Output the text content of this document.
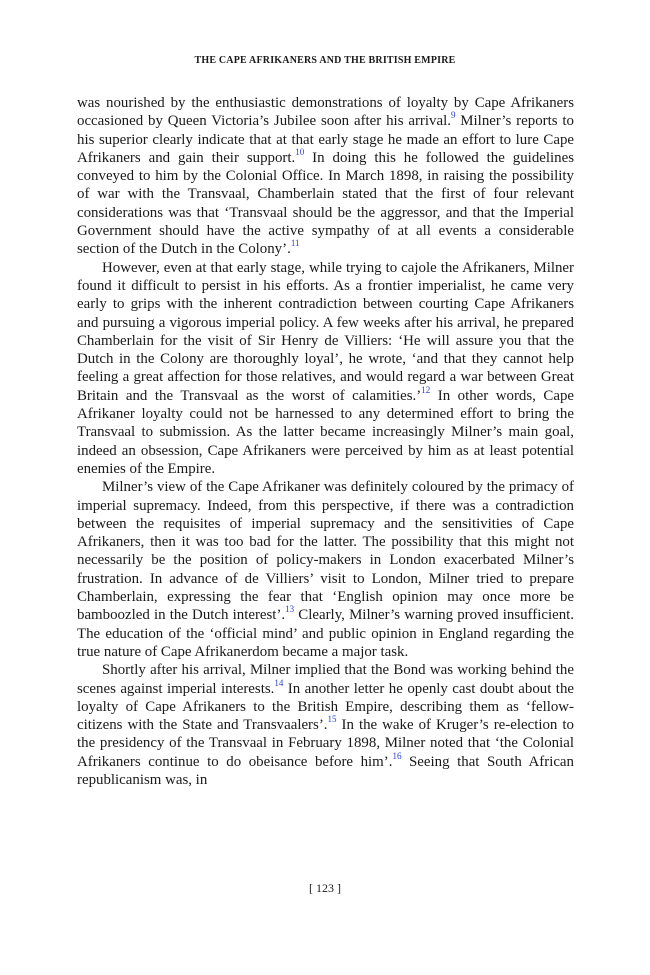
THE CAPE AFRIKANERS AND THE BRITISH EMPIRE

was nourished by the enthusiastic demonstrations of loyalty by Cape Afrikaners occasioned by Queen Victoria’s Jubilee soon after his arrival.$^9$ Milner’s reports to his superior clearly indicate that at that early stage he made an effort to lure Cape Afrikaners and gain their support.$^{10}$ In doing this he followed the guidelines conveyed to him by the Colonial Office. In March 1898, in raising the possibility of war with the Transvaal, Chamberlain stated that the first of four relevant considerations was that ‘Transvaal should be the aggressor, and that the Imperial Government should have the active sympathy of at all events a considerable section of the Dutch in the Colony’.$^{11}$

However, even at that early stage, while trying to cajole the Afrikaners, Milner found it difficult to persist in his efforts. As a frontier imperialist, he came very early to grips with the inherent contradiction between courting Cape Afrikaners and pursuing a vigorous imperial policy. A few weeks after his arrival, he prepared Chamberlain for the visit of Sir Henry de Villiers: ‘He will assure you that the Dutch in the Colony are thoroughly loyal’, he wrote, ‘and that they cannot help feeling a great affection for those relatives, and would regard a war between Great Britain and the Transvaal as the worst of calamities.’$^{12}$ In other words, Cape Afrikaner loyalty could not be harnessed to any determined effort to bring the Transvaal to submission. As the latter became increasingly Milner’s main goal, indeed an obsession, Cape Afrikaners were perceived by him as at least potential enemies of the Empire.

Milner’s view of the Cape Afrikaner was definitely coloured by the primacy of imperial supremacy. Indeed, from this perspective, if there was a contradiction between the requisites of imperial supremacy and the sensitivities of Cape Afrikaners, then it was too bad for the latter. The possibility that this might not necessarily be the position of policy-makers in London exacerbated Milner’s frustration. In advance of de Villiers’ visit to London, Milner tried to prepare Chamberlain, expressing the fear that ‘English opinion may once more be bamboozled in the Dutch interest’.$^{13}$ Clearly, Milner’s warning proved insufficient. The education of the ‘official mind’ and public opinion in England regarding the true nature of Cape Afrikanerdom became a major task.

Shortly after his arrival, Milner implied that the Bond was working behind the scenes against imperial interests.$^{14}$ In another letter he openly cast doubt about the loyalty of Cape Afrikaners to the British Empire, describing them as ‘fellow-citizens with the State and Transvaalers’.$^{15}$ In the wake of Kruger’s re-election to the presidency of the Transvaal in February 1898, Milner noted that ‘the Colonial Afrikaners continue to do obeisance before him’.$^{16}$ Seeing that South African republicanism was, in

[ 123 ]
